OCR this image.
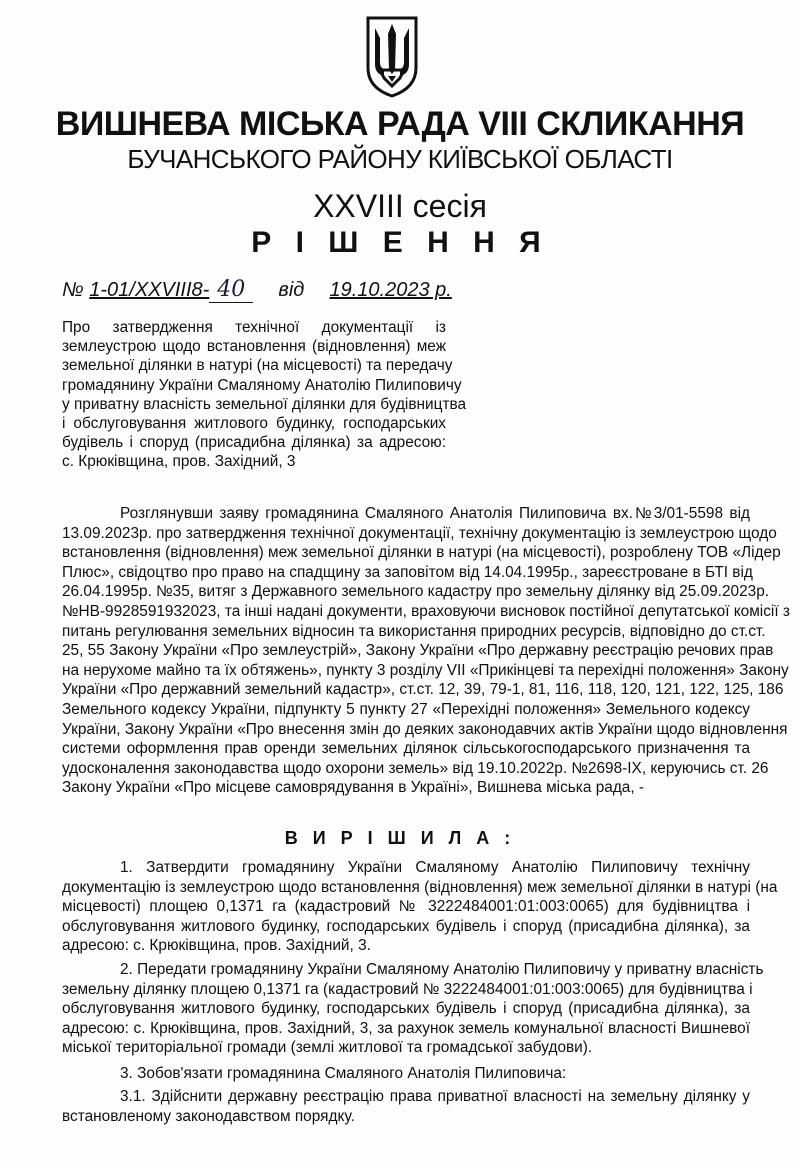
ВИШНЕВА МІСЬКА РАДА VIII СКЛИКАННЯ
БУЧАНСЬКОГО РАЙОНУ КИЇВСЬКОЇ ОБЛАСТІ
XXVIII сесія
Р І Ш Е Н Н Я
№ 1-01/XXVIII8- 40 від 19.10.2023 р.
Про затвердження технічної документації із
землеустрою щодо встановлення (відновлення) меж
земельної ділянки в натурі (на місцевості) та передачу
громадянину України Смаляному Анатолію Пилиповичу
у приватну власність земельної ділянки для будівництва
і обслуговування житлового будинку, господарських
будівель і споруд (присадибна ділянка) за адресою:
с. Крюківщина, пров. Західний, 3
Розглянувши заяву громадянина Смаляного Анатолія Пилиповича вх.№3/01-5598 від
13.09.2023р. про затвердження технічної документації, технічну документацію із землеустрою щодо
встановлення (відновлення) меж земельної ділянки в натурі (на місцевості), розроблену ТОВ «Лідер
Плюс», свідоцтво про право на спадщину за заповітом від 14.04.1995р., зареєстроване в БТІ від
26.04.1995р. №35, витяг з Державного земельного кадастру про земельну ділянку від 25.09.2023р.
№НВ-9928591932023, та інші надані документи, враховуючи висновок постійної депутатської комісії з
питань регулювання земельних відносин та використання природних ресурсів, відповідно до ст.ст.
25, 55 Закону України «Про землеустрій», Закону України «Про державну реєстрацію речових прав
на нерухоме майно та їх обтяжень», пункту 3 розділу VII «Прикінцеві та перехідні положення» Закону
України «Про державний земельний кадастр», ст.ст. 12, 39, 79-1, 81, 116, 118, 120, 121, 122, 125, 186
Земельного кодексу України, підпункту 5 пункту 27 «Перехідні положення» Земельного кодексу
України, Закону України «Про внесення змін до деяких законодавчих актів України щодо відновлення
системи оформлення прав оренди земельних ділянок сільськогосподарського призначення та
удосконалення законодавства щодо охорони земель» від 19.10.2022р. №2698-IX, керуючись ст. 26
Закону України «Про місцеве самоврядування в Україні», Вишнева міська рада, -
В И Р І Ш И Л А :
1. Затвердити громадянину України Смаляному Анатолію Пилиповичу технічну
документацію із землеустрою щодо встановлення (відновлення) меж земельної ділянки в натурі (на
місцевості) площею 0,1371 га (кадастровий № 3222484001:01:003:0065) для будівництва і
обслуговування житлового будинку, господарських будівель і споруд (присадибна ділянка), за
адресою: с. Крюківщина, пров. Західний, 3.
2. Передати громадянину України Смаляному Анатолію Пилиповичу у приватну власність
земельну ділянку площею 0,1371 га (кадастровий № 3222484001:01:003:0065) для будівництва і
обслуговування житлового будинку, господарських будівель і споруд (присадибна ділянка), за
адресою: с. Крюківщина, пров. Західний, 3, за рахунок земель комунальної власності Вишневої
міської територіальної громади (землі житлової та громадської забудови).
3. Зобов'язати громадянина Смаляного Анатолія Пилиповича:
3.1. Здійснити державну реєстрацію права приватної власності на земельну ділянку у
встановленому законодавством порядку.
